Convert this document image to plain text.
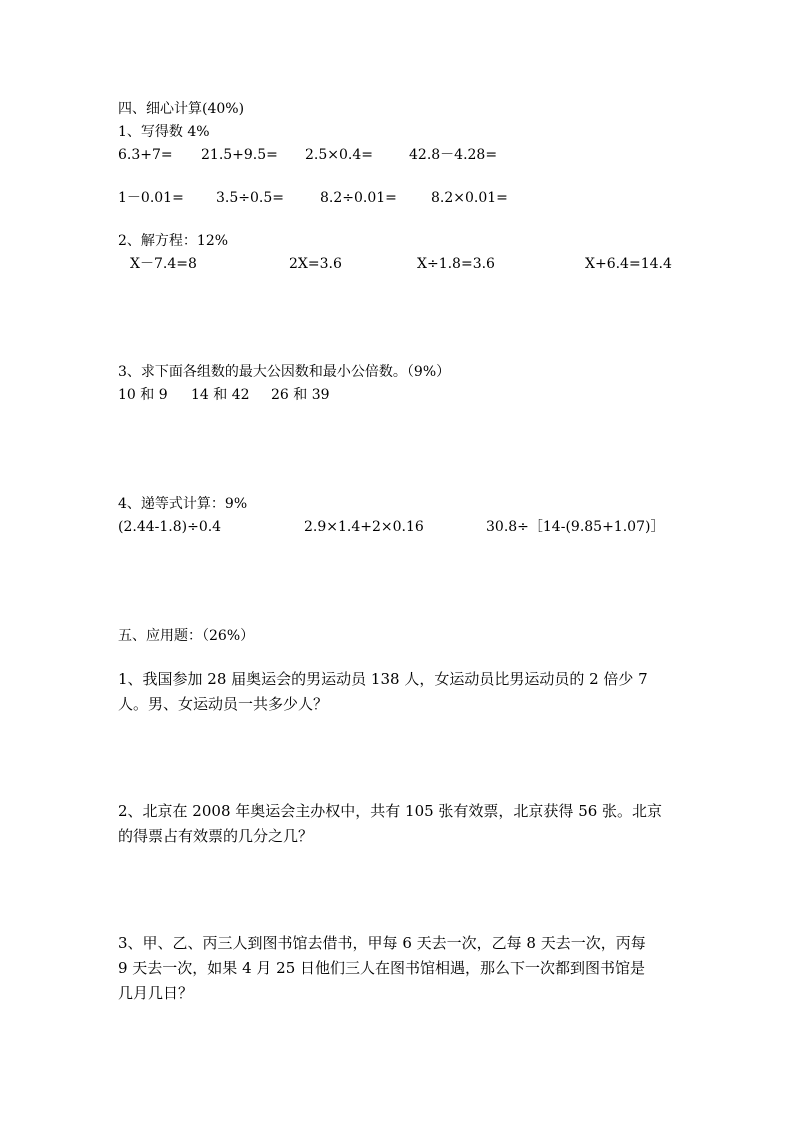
四、细心计算(40%)
1、写得数 4%
6.3+7= 21.5+9.5= 2.5×0.4=	42.8－4.28=
1－0.01= 3.5÷0.5=	8.2÷0.01= 8.2×0.01=
2、解方程：12%
X－7.4=8	2X=3.6	X÷1.8=3.6	X+6.4=14.4
3、求下面各组数的最大公因数和最小公倍数。（9%）
10 和 9 14 和 42 26 和 39
4、递等式计算：9%
(2.44-1.8)÷0.4	2.9×1.4+2×0.16	30.8÷［14-(9.85+1.07)］
五、应用题：（26%）

1、我国参加 28 届奥运会的男运动员 138 人，女运动员比男运动员的 2 倍少 7

人。男、女运动员一共多少人？

2、北京在 2008 年奥运会主办权中，共有 105 张有效票，北京获得 56 张。北京

的得票占有效票的几分之几？

3、甲、乙、丙三人到图书馆去借书，甲每 6 天去一次，乙每 8 天去一次，丙每

9 天去一次，如果 4 月 25 日他们三人在图书馆相遇，那么下一次都到图书馆是

几月几日？
